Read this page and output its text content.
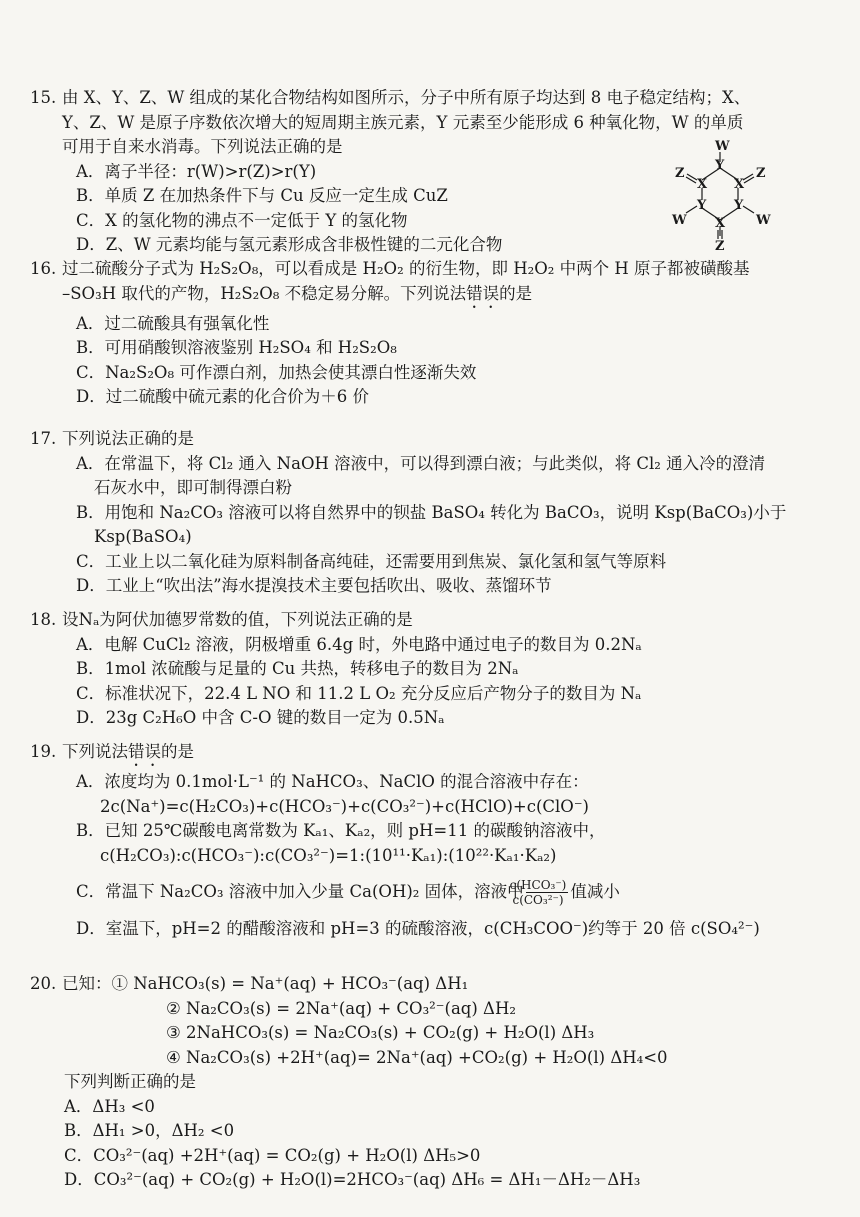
15. 由 X、Y、Z、W 组成的某化合物结构如图所示，分子中所有原子均达到 8 电子稳定结构；X、
Y、Z、W 是原子序数依次增大的短周期主族元素，Y 元素至少能形成 6 种氧化物，W 的单质
可用于自来水消毒。下列说法正确的是
A．离子半径：r(W)>r(Z)>r(Y)
B．单质 Z 在加热条件下与 Cu 反应一定生成 CuZ
C．X 的氢化物的沸点不一定低于 Y 的氢化物
D．Z、W 元素均能与氢元素形成含非极性键的二元化合物
W
Y
X X
Z	Z
Y Y
W	W
X
Z
16. 过二硫酸分子式为 H₂S₂O₈，可以看成是 H₂O₂ 的衍生物，即 H₂O₂ 中两个 H 原子都被磺酸基
–SO₃H 取代的产物，H₂S₂O₈ 不稳定易分解。下列说法错误的是
A．过二硫酸具有强氧化性
B．可用硝酸钡溶液鉴别 H₂SO₄ 和 H₂S₂O₈
C．Na₂S₂O₈ 可作漂白剂，加热会使其漂白性逐渐失效
D．过二硫酸中硫元素的化合价为＋6 价
17. 下列说法正确的是
A．在常温下，将 Cl₂ 通入 NaOH 溶液中，可以得到漂白液；与此类似，将 Cl₂ 通入冷的澄清
石灰水中，即可制得漂白粉
B．用饱和 Na₂CO₃ 溶液可以将自然界中的钡盐 BaSO₄ 转化为 BaCO₃，说明 Ksp(BaCO₃)小于
Ksp(BaSO₄)
C．工业上以二氧化硅为原料制备高纯硅，还需要用到焦炭、氯化氢和氢气等原料
D．工业上“吹出法”海水提溴技术主要包括吹出、吸收、蒸馏环节
18. 设Nₐ为阿伏加德罗常数的值，下列说法正确的是
A．电解 CuCl₂ 溶液，阴极增重 6.4g 时，外电路中通过电子的数目为 0.2Nₐ
B．1mol 浓硫酸与足量的 Cu 共热，转移电子的数目为 2Nₐ
C．标准状况下，22.4 L NO 和 11.2 L O₂ 充分反应后产物分子的数目为 Nₐ
D．23g C₂H₆O 中含 C-O 键的数目一定为 0.5Nₐ
19. 下列说法错误的是
A．浓度均为 0.1mol·L⁻¹ 的 NaHCO₃、NaClO 的混合溶液中存在：
2c(Na⁺)=c(H₂CO₃)+c(HCO₃⁻)+c(CO₃²⁻)+c(HClO)+c(ClO⁻)
B．已知 25℃碳酸电离常数为 Kₐ₁、Kₐ₂，则 pH=11 的碳酸钠溶液中，
c(H₂CO₃):c(HCO₃⁻):c(CO₃²⁻)=1:(10¹¹·Kₐ₁):(10²²·Kₐ₁·Kₐ₂)
C．常温下 Na₂CO₃ 溶液中加入少量 Ca(OH)₂ 固体，溶液中 $\frac{\text{c(HCO₃⁻)}}{\text{c(CO₃²⁻)}}$ 值减小
D．室温下，pH=2 的醋酸溶液和 pH=3 的硫酸溶液，c(CH₃COO⁻)约等于 20 倍 c(SO₄²⁻)
20. 已知：① NaHCO₃(s) = Na⁺(aq) + HCO₃⁻(aq) ΔH₁
② Na₂CO₃(s) = 2Na⁺(aq) + CO₃²⁻(aq) ΔH₂
③ 2NaHCO₃(s) = Na₂CO₃(s) + CO₂(g) + H₂O(l) ΔH₃
④ Na₂CO₃(s) +2H⁺(aq)= 2Na⁺(aq) +CO₂(g) + H₂O(l) ΔH₄<0
下列判断正确的是
A．ΔH₃ <0
B．ΔH₁ >0，ΔH₂ <0
C．CO₃²⁻(aq) +2H⁺(aq) = CO₂(g) + H₂O(l) ΔH₅>0
D．CO₃²⁻(aq) + CO₂(g) + H₂O(l)=2HCO₃⁻(aq) ΔH₆ = ΔH₁－ΔH₂－ΔH₃
